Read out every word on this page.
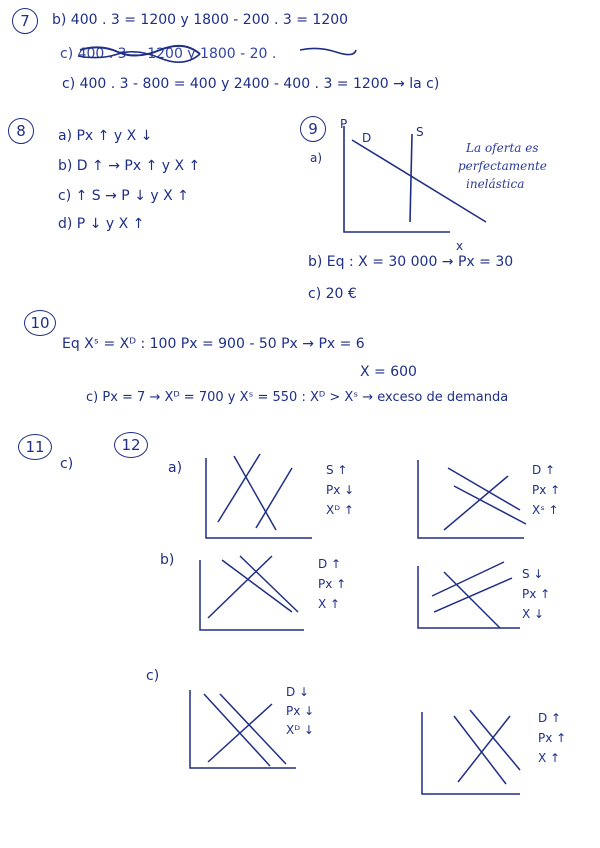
7 b) 400 . 3 = 1200 y 1800 - 200 . 3 = 1200
c) 400 . 3 = 1200 y 1800 - 20 .
c) 400 . 3 - 800 = 400 y 2400 - 400 . 3 = 1200 → la c)
8 a) Px ↑ y X ↓
b) D ↑ → Px ↑ y X ↑
c) ↑ S → P ↓ y X ↑
d) P ↓ y X ↑
9
a)
P
D	S
x
La oferta es
perfectamente
inelástica
b) Eq : X = 30 000 → Px = 30
c) 20 €
10
Eq Xˢ = Xᴰ : 100 Px = 900 - 50 Px → Px = 6
X = 600
c) Px = 7 → Xᴰ = 700 y Xˢ = 550 : Xᴰ > Xˢ → exceso de demanda
11
c)
12
a)
b)
c)
S ↑
Px ↓
Xᴰ ↑
D ↑
Px ↑
Xˢ ↑
D ↑
Px ↑
X ↑
S ↓
Px ↑
X ↓
D ↓
Px ↓
Xᴰ ↓
D ↑
Px ↑
X ↑
